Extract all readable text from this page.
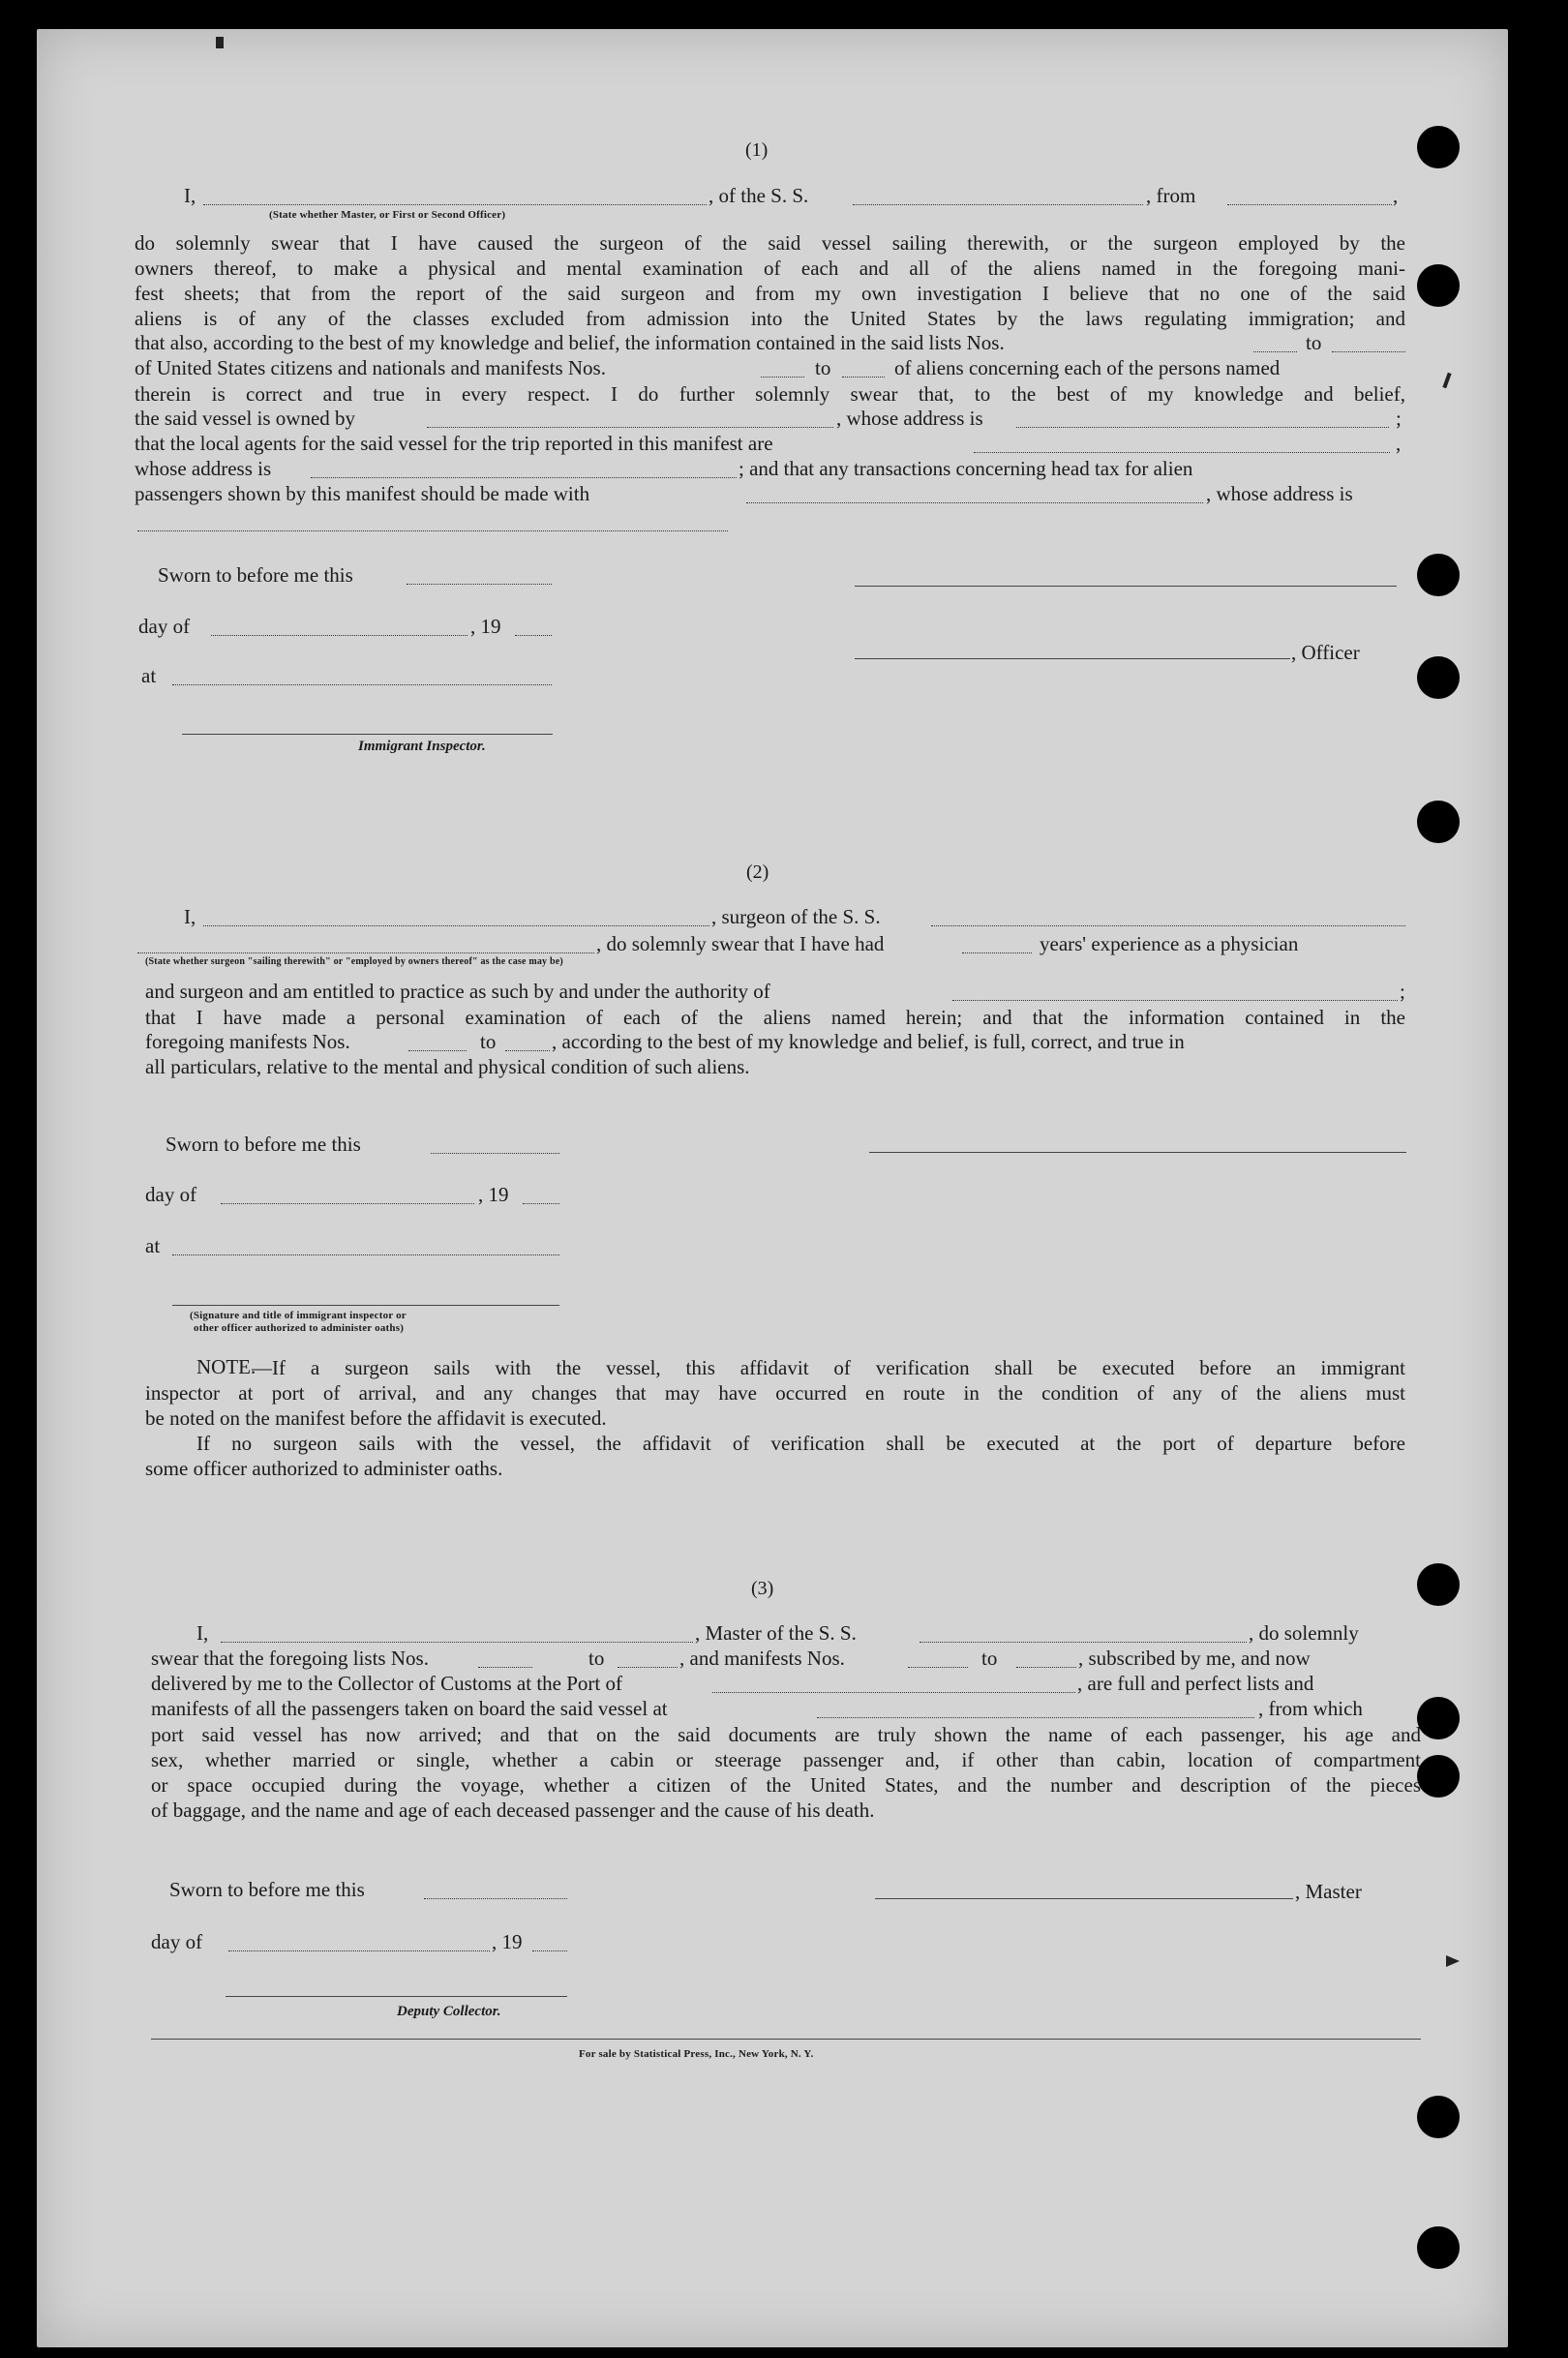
(1)
I,	, of the S. S.	, from	,
(State whether Master, or First or Second Officer)
do solemnly swear that I have caused the surgeon of the said vessel sailing therewith, or the surgeon employed by the
owners thereof, to make a physical and mental examination of each and all of the aliens named in the foregoing mani-
fest sheets; that from the report of the said surgeon and from my own investigation I believe that no one of the said
aliens is of any of the classes excluded from admission into the United States by the laws regulating immigration; and
that also, according to the best of my knowledge and belief, the information contained in the said lists Nos.	to
of United States citizens and nationals and manifests Nos.	to	of aliens concerning each of the persons named
therein is correct and true in every respect. I do further solemnly swear that, to the best of my knowledge and belief,
the said vessel is owned by	, whose address is	;
that the local agents for the said vessel for the trip reported in this manifest are	,
whose address is	; and that any transactions concerning head tax for alien
passengers shown by this manifest should be made with	, whose address is
Sworn to before me this
day of	, 19
, Officer
at
Immigrant Inspector.
(2)
I,	, surgeon of the S. S.
, do solemnly swear that I have had	years' experience as a physician
(State whether surgeon "sailing therewith" or "employed by owners thereof" as the case may be)
and surgeon and am entitled to practice as such by and under the authority of	;
that I have made a personal examination of each of the aliens named herein; and that the information contained in the
foregoing manifests Nos.	to	, according to the best of my knowledge and belief, is full, correct, and true in
all particulars, relative to the mental and physical condition of such aliens.
Sworn to before me this
day of	, 19
at
(Signature and title of immigrant inspector or
other officer authorized to administer oaths)
NOTE.
—If a surgeon sails with the vessel, this affidavit of verification shall be executed before an immigrant
inspector at port of arrival, and any changes that may have occurred en route in the condition of any of the aliens must
be noted on the manifest before the affidavit is executed.
If no surgeon sails with the vessel, the affidavit of verification shall be executed at the port of departure before
some officer authorized to administer oaths.
(3)
I,	, Master of the S. S.	, do solemnly
swear that the foregoing lists Nos.	to	, and manifests Nos.	to	, subscribed by me, and now
delivered by me to the Collector of Customs at the Port of	, are full and perfect lists and
manifests of all the passengers taken on board the said vessel at	, from which
port said vessel has now arrived; and that on the said documents are truly shown the name of each passenger, his age and
sex, whether married or single, whether a cabin or steerage passenger and, if other than cabin, location of compartment
or space occupied during the voyage, whether a citizen of the United States, and the number and description of the pieces
of baggage, and the name and age of each deceased passenger and the cause of his death.
Sworn to before me this	, Master
day of	, 19
Deputy Collector.
For sale by Statistical Press, Inc., New York, N. Y.
